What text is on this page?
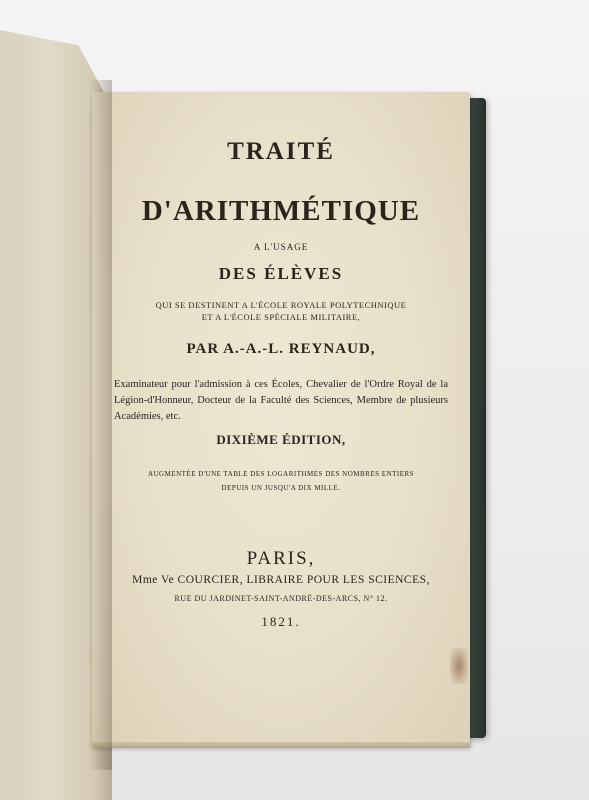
TRAITÉ
D'ARITHMÉTIQUE
A L'USAGE
DES ÉLÈVES
QUI SE DESTINENT A L'ÉCOLE ROYALE POLYTECHNIQUE
ET A L'ÉCOLE SPÉCIALE MILITAIRE,
PAR A.-A.-L. REYNAUD,
Examinateur pour l'admission à ces Écoles, Chevalier de l'Ordre Royal de la Légion-d'Honneur, Docteur de la Faculté des Sciences, Membre de plusieurs Académies, etc.
DIXIÈME ÉDITION,
AUGMENTÉE D'UNE TABLE DES LOGARITHMES DES NOMBRES ENTIERS
DEPUIS UN JUSQU'A DIX MILLE.
PARIS,
Mme Ve COURCIER, LIBRAIRE POUR LES SCIENCES,
RUE DU JARDINET-SAINT-ANDRÉ-DES-ARCS, N° 12.
1821.
